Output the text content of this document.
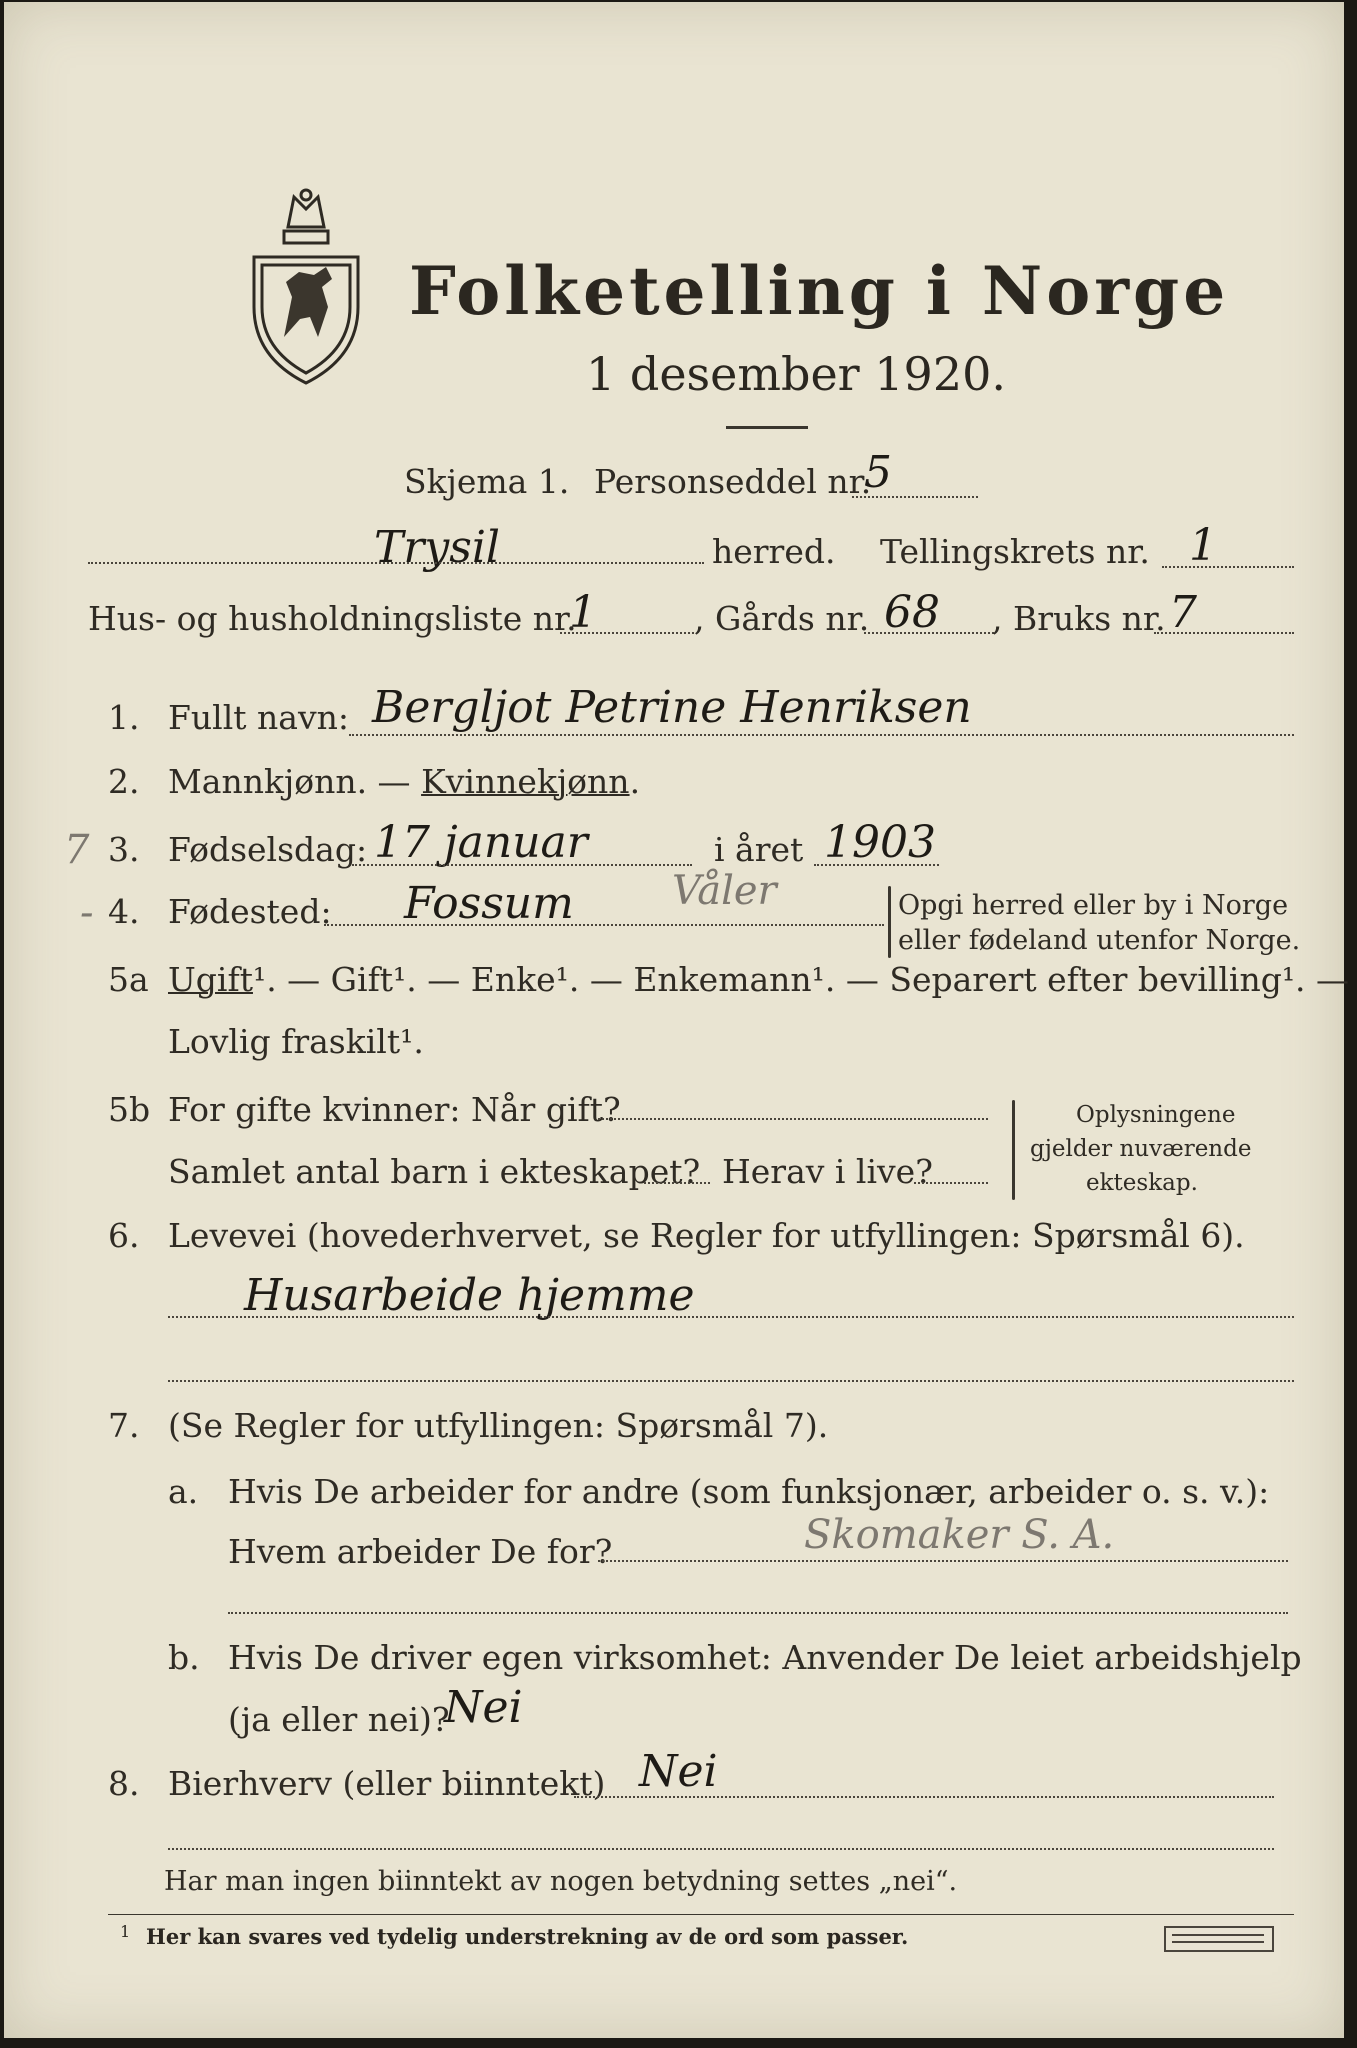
Folketelling i Norge
1 desember 1920.
Skjema 1. Personseddel nr.
5
Trysil	herred. Tellingskrets nr. 1
Hus- og husholdningsliste nr.
1	, Gårds nr. 68 , Bruks nr. 7
1. Fullt navn: Bergljot Petrine Henriksen
2. Mannkjønn. — Kvinnekjønn.
7 3. Fødselsdag: 17 januar	i året 1903
- 4. Fødested: Fossum Våler	Opgi herred eller by i Norge
eller fødeland utenfor Norge.
5a Ugift¹. — Gift¹. — Enke¹. — Enkemann¹. — Separert efter bevilling¹. —
Lovlig fraskilt¹.
5b For gifte kvinner: Når gift?
Samlet antal barn i ekteskapet? Herav i live?
Oplysningene
gjelder nuværende
ekteskap.
6. Levevei (hovederhvervet, se Regler for utfyllingen: Spørsmål 6).
Husarbeide hjemme
7. (Se Regler for utfyllingen: Spørsmål 7).
a. Hvis De arbeider for andre (som funksjonær, arbeider o. s. v.):
Hvem arbeider De for?	Skomaker S. A.
b. Hvis De driver egen virksomhet: Anvender De leiet arbeidshjelp
(ja eller nei)?
Nei
8. Bierhverv (eller biinntekt) Nei
Har man ingen biinntekt av nogen betydning settes „nei“.
1 Her kan svares ved tydelig understrekning av de ord som passer.
